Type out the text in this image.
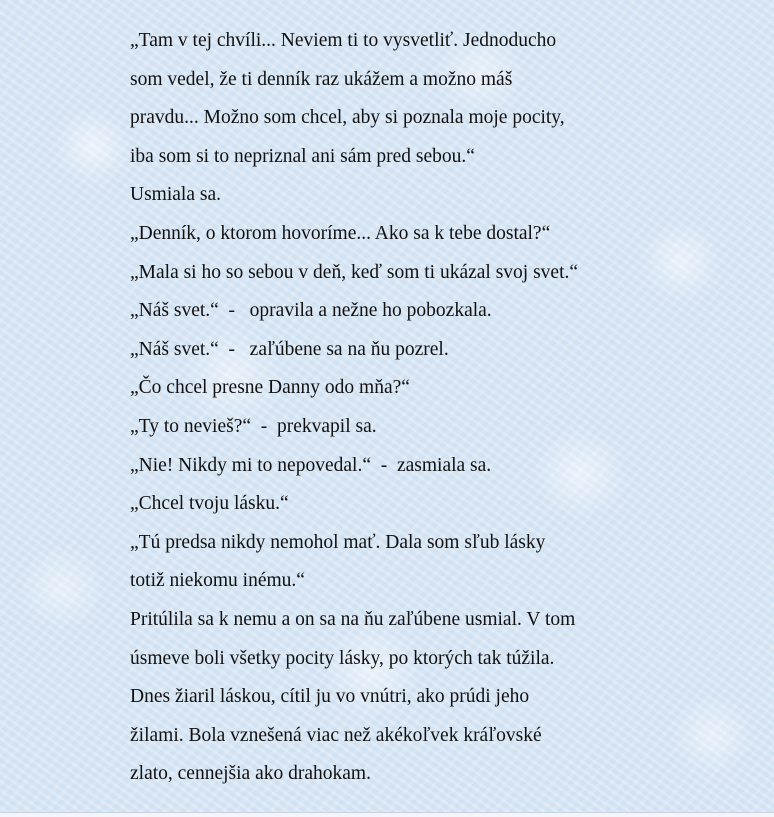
„Tam v tej chvíli... Neviem ti to vysvetliť. Jednoducho

som vedel, že ti denník raz ukážem a možno máš

pravdu... Možno som chcel, aby si poznala moje pocity,

iba som si to nepriznal ani sám pred sebou.“

Usmiala sa.

„Denník, o ktorom hovoríme... Ako sa k tebe dostal?“

„Mala si ho so sebou v deň, keď som ti ukázal svoj svet.“

„Náš svet.“  -   opravila a nežne ho pobozkala.

„Náš svet.“  -   zaľúbene sa na ňu pozrel.

„Čo chcel presne Danny odo mňa?“

„Ty to nevieš?“  -  prekvapil sa.

„Nie! Nikdy mi to nepovedal.“  -  zasmiala sa.

„Chcel tvoju lásku.“

„Tú predsa nikdy nemohol mať. Dala som sľub lásky

totiž niekomu inému.“

Pritúlila sa k nemu a on sa na ňu zaľúbene usmial. V tom

úsmeve boli všetky pocity lásky, po ktorých tak túžila.

Dnes žiaril láskou, cítil ju vo vnútri, ako prúdi jeho

žilami. Bola vznešená viac než akékoľvek kráľovské

zlato, cennejšia ako drahokam.
